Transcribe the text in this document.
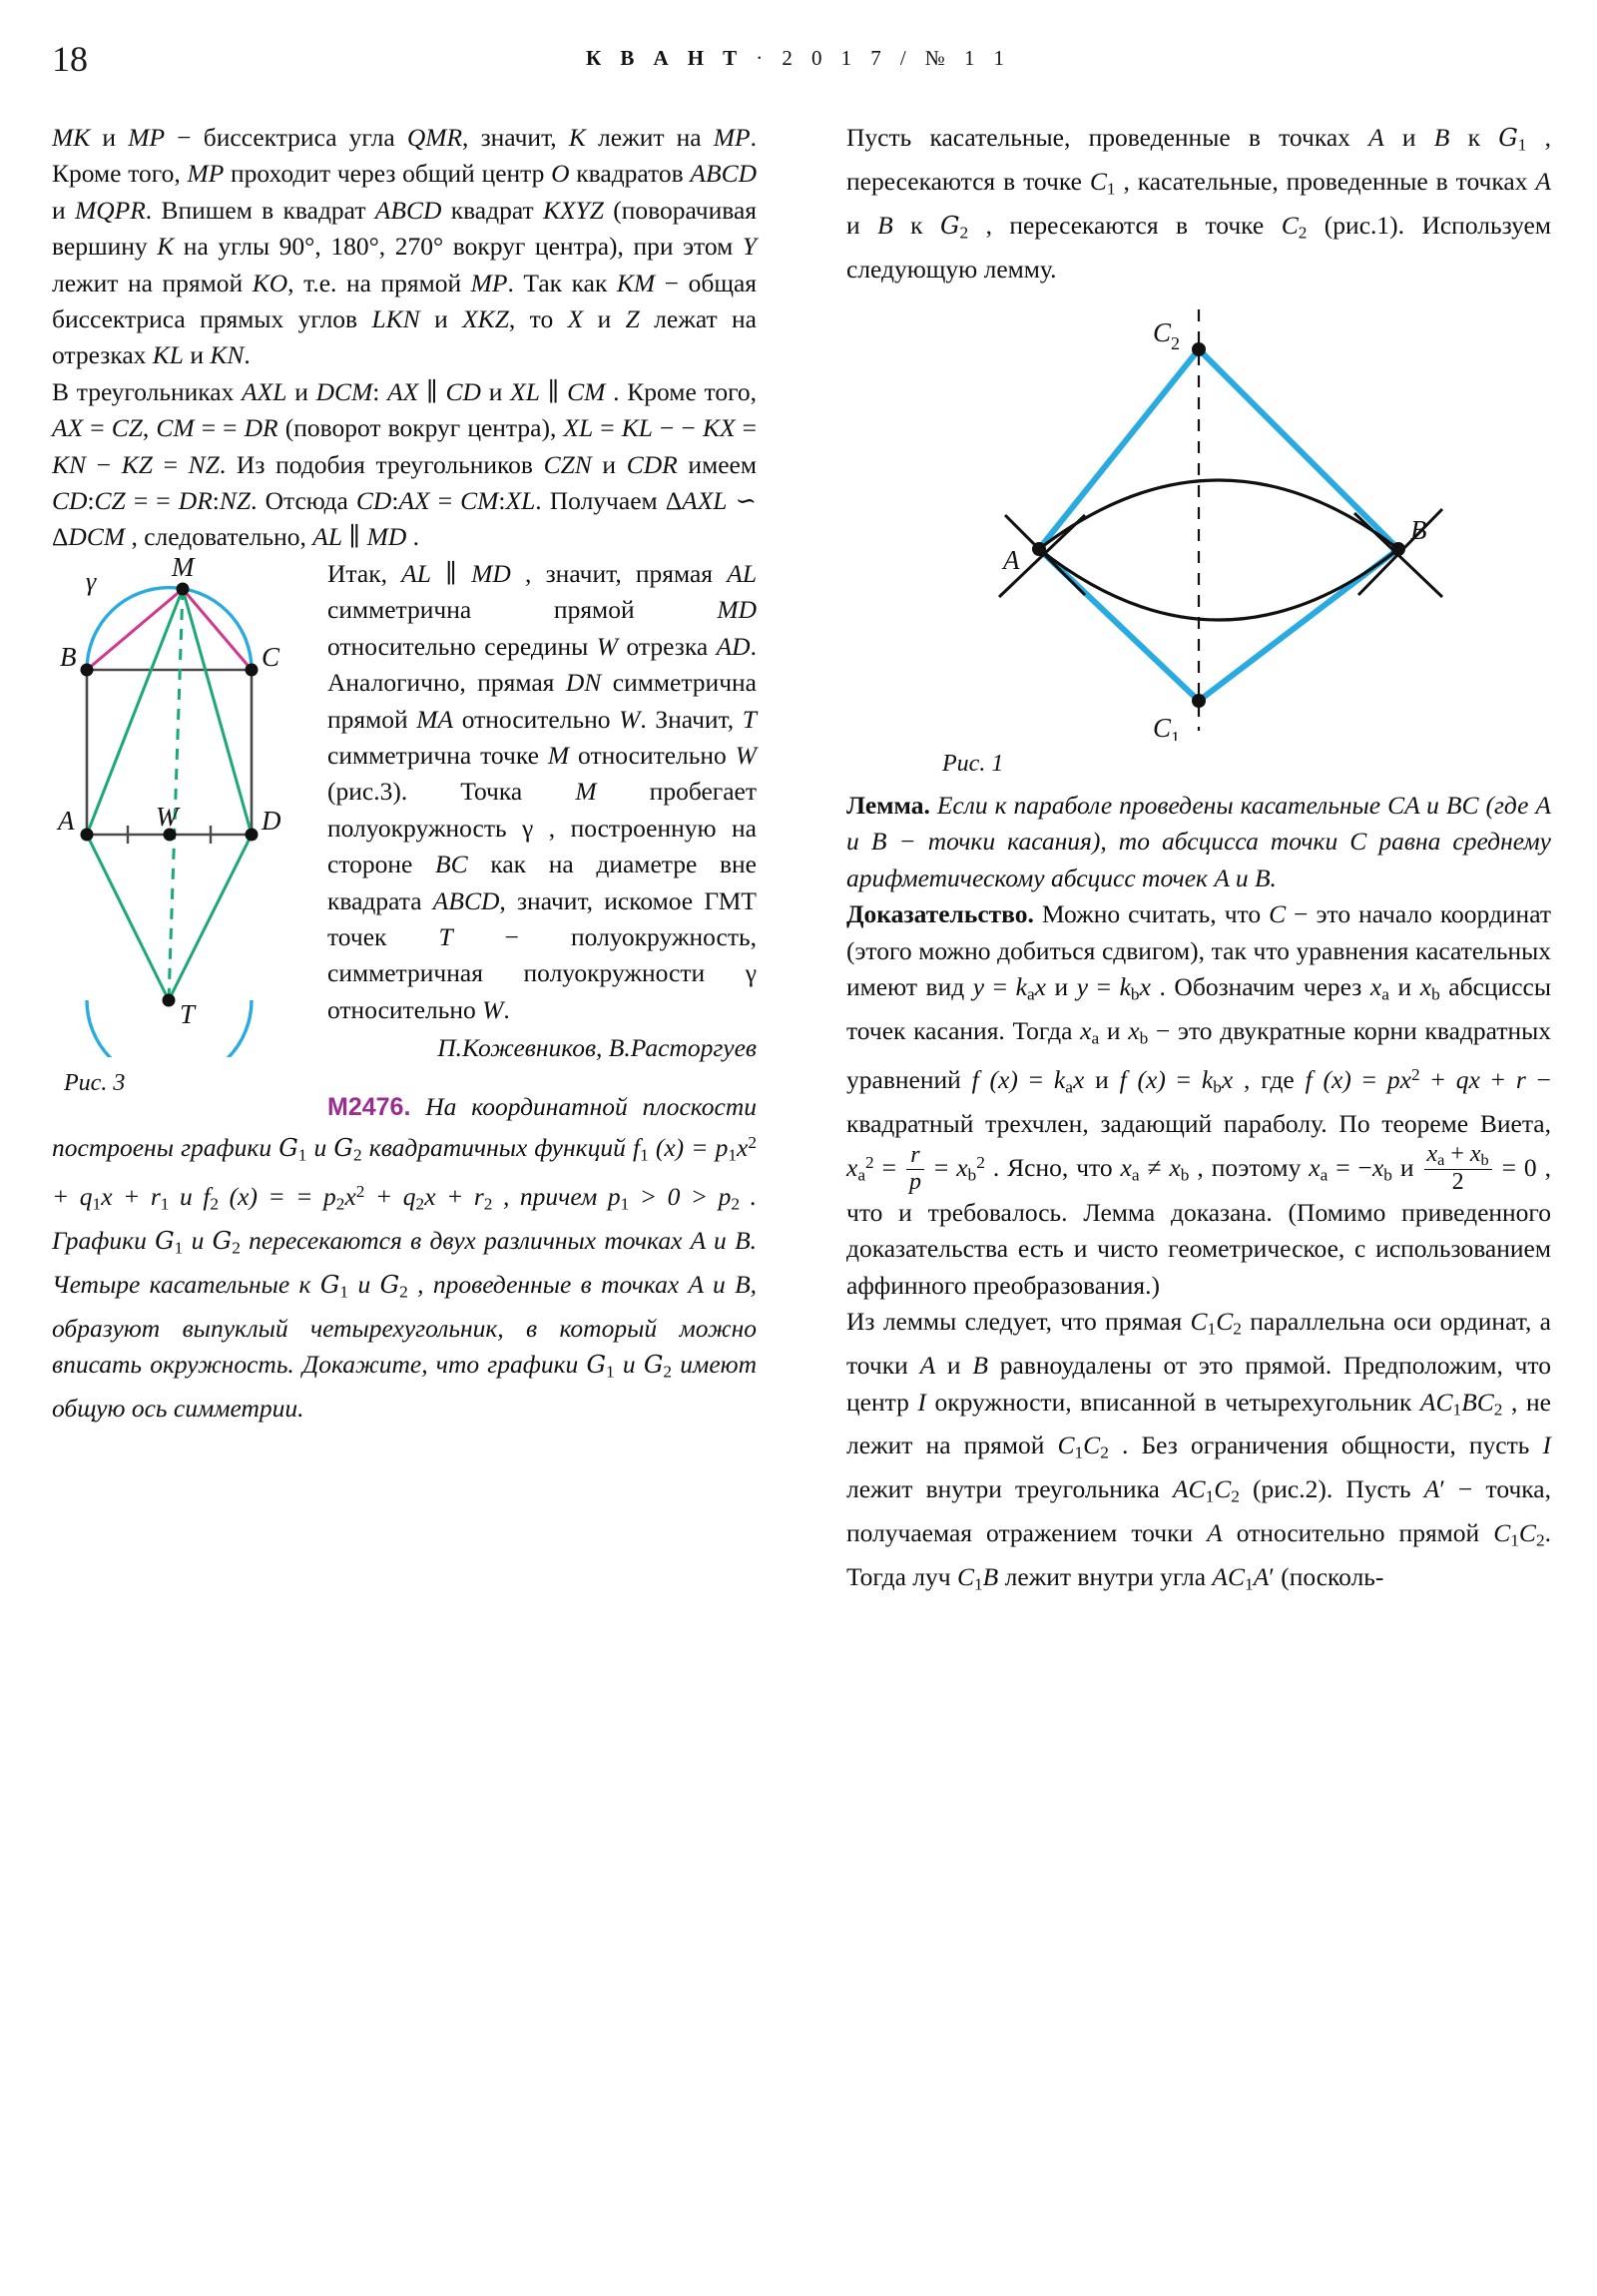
18	К В А Н Т · 2 0 1 7 / № 1 1

MK и MP − биссектриса угла QMR, значит, K лежит на MP. Кроме того, MP проходит через общий центр O квадратов ABCD и MQPR. Впишем в квадрат ABCD квадрат KXYZ (поворачивая вершину K на углы 90°, 180°, 270° вокруг центра), при этом Y лежит на прямой KO, т.е. на прямой MP. Так как KM − общая биссектриса прямых углов LKN и XKZ, то X и Z лежат на отрезках KL и KN.

В треугольниках AXL и DCM: AX ∥ CD и XL ∥ CM . Кроме того, AX = CZ, CM = = DR (поворот вокруг центра), XL = KL − − KX = KN − KZ = NZ. Из подобия треугольников CZN и CDR имеем CD:CZ = = DR:NZ. Отсюда CD:AX = CM:XL. Получаем ΔAXL ∽ ΔDCM , следовательно, AL ∥ MD .

γ	M
B	C
A	W	D
T
Рис. 3

Итак, AL ∥ MD , значит, прямая AL симметрична прямой MD относительно середины W отрезка AD. Аналогично, прямая DN симметрична прямой MA относительно W. Значит, T симметрична точке M относительно W (рис.3). Точка M пробегает полуокружность γ , построенную на стороне BC как на диаметре вне квадрата ABCD, значит, искомое ГМТ точек T − полуокружность, симметричная полуокружности γ относительно W.

П.Кожевников, В.Расторгуев

M2476. На координатной плоскости построены графики $G_1$ и $G_2$ квадратичных функций $f_1$ $(x) = p_1x^2 + q_1x + r_1$ и $f_2$ (x) = = $p_2x^2 + q_2x + r_2$ , причем $p_1 > 0 > p_2$ . Графики $G_1$ и $G_2$ пересекаются в двух различных точках A и B. Четыре касательные к $G_1$ и $G_2$ , проведенные в точках A и B, образуют выпуклый четырехугольник, в который можно вписать окружность. Докажите, что графики $G_1$ и $G_2$ имеют общую ось симметрии.

Пусть касательные, проведенные в точках A и B к $G_1$ , пересекаются в точке $C_1$ , касательные, проведенные в точках A и B к $G_2$ , пересекаются в точке $C_2$ (рис.1). Используем следующую лемму.

C 2
C 1
A
B
Рис. 1

Лемма. Если к параболе проведены касательные CA и BC (где A и B − точки касания), то абсцисса точки C равна среднему арифметическому абсцисс точек A и B.

Доказательство. Можно считать, что C − это начало координат (этого можно добиться сдвигом), так что уравнения касательных имеют вид $y = k_ax$ и $y = k_bx$ . Обозначим через $x_a$ и $x_b$ абсциссы точек касания. Тогда $x_a$ и $x_b$ − это двукратные корни квадратных уравнений f $(x) = k_ax$ и f $(x) = k_bx$ , где f $(x) = px^2$ + qx + r − квадратный трехчлен, задающий параболу. По теореме Виета, $x_a^2 = \frac{r}{p} = x_b^2$ . Ясно, что $x_a \ne x_b$ , поэтому $x_a = -x_b$ и $\frac{x_a + x_b}{2} = 0$ , что и требовалось. Лемма доказана. (Помимо приведенного доказательства есть и чисто геометрическое, с использованием аффинного преобразования.)

Из леммы следует, что прямая $C_1C_2$ параллельна оси ординат, а точки A и B равноудалены от это прямой. Предположим, что центр I окружности, вписанной в четырехугольник $AC_1BC_2$ , не лежит на прямой $C_1C_2$ . Без ограничения общности, пусть I лежит внутри треугольника $AC_1C_2$ (рис.2). Пусть A′ − точка, получаемая отражением точки A относительно прямой $C_1C_2$. Тогда луч $C_1B$ лежит внутри угла $AC_1A'$ (посколь-
